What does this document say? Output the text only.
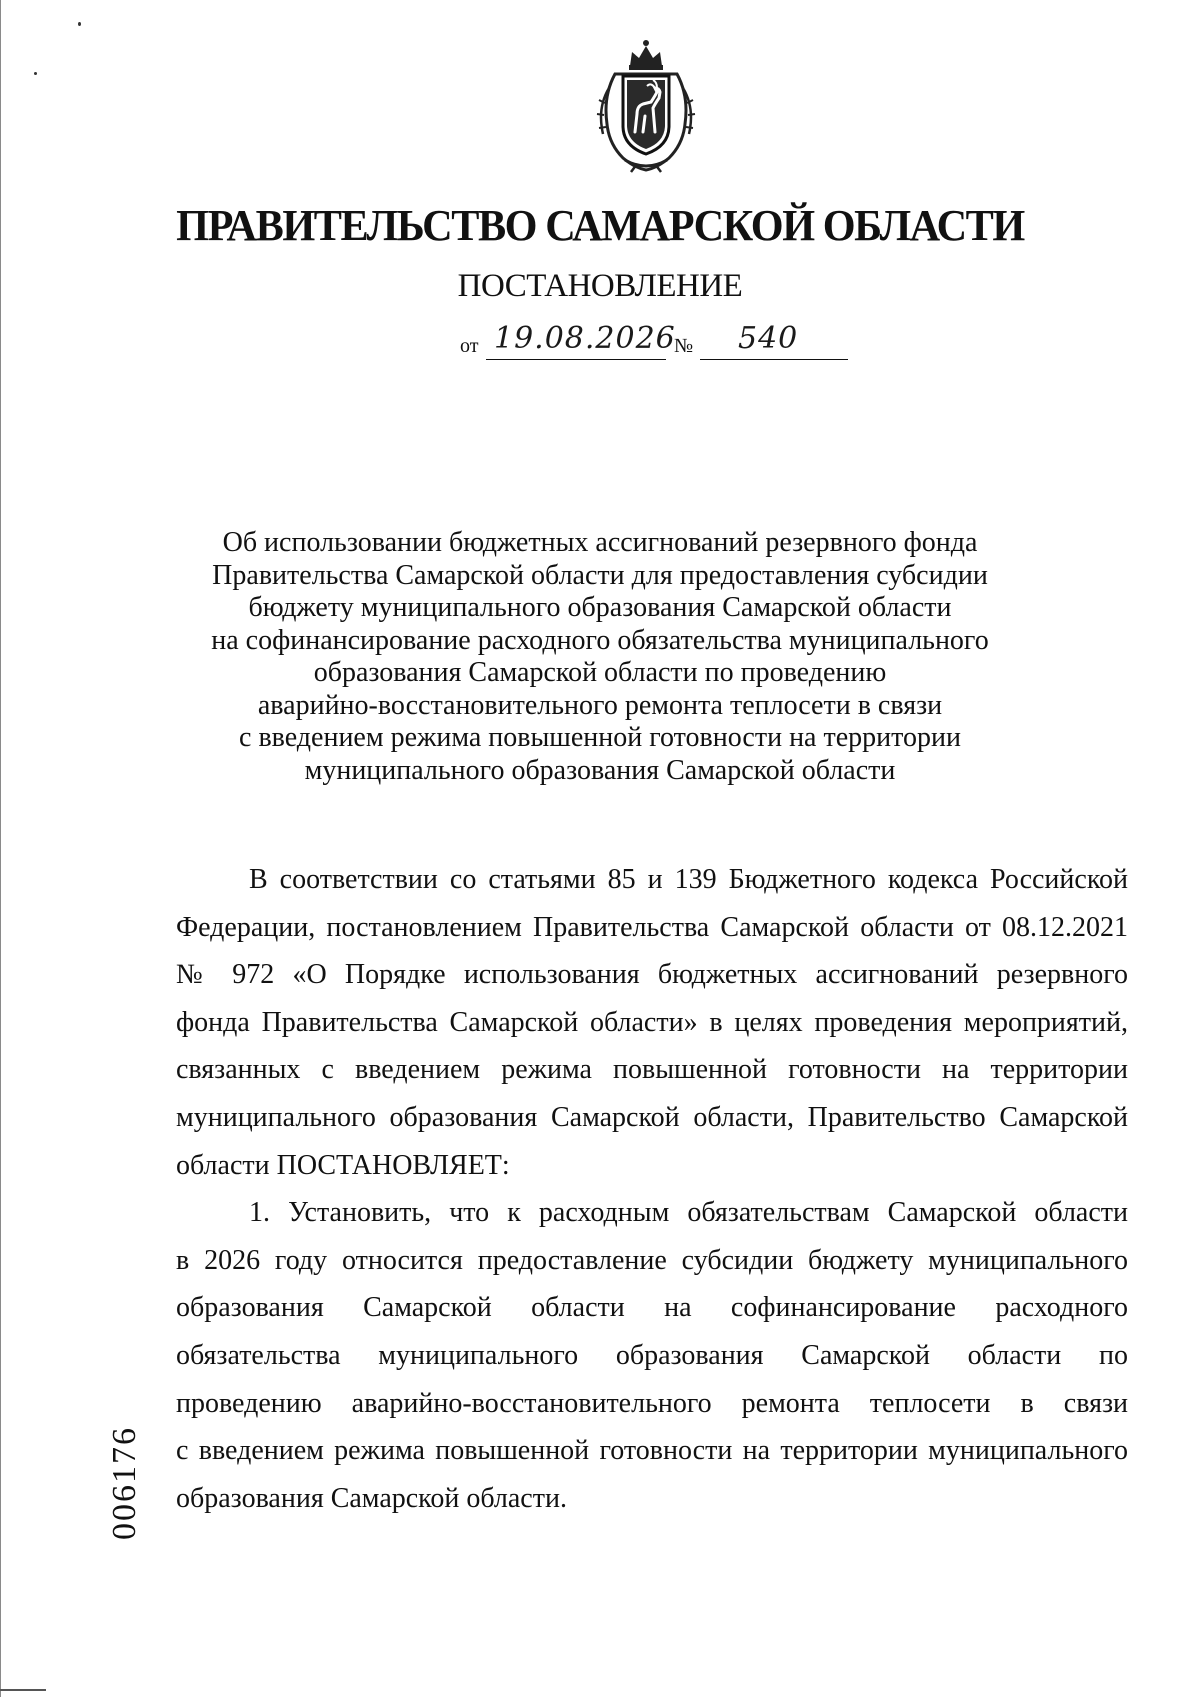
ПРАВИТЕЛЬСТВО САМАРСКОЙ ОБЛАСТИ
ПОСТАНОВЛЕНИЕ
от 19.08.2026
№ 540
Об использовании бюджетных ассигнований резервного фонда
Правительства Самарской области для предоставления субсидии
бюджету муниципального образования Самарской области
на софинансирование расходного обязательства муниципального
образования Самарской области по проведению
аварийно-восстановительного ремонта теплосети в связи
с введением режима повышенной готовности на территории
муниципального образования Самарской области

В соответствии со статьями 85 и 139 Бюджетного кодекса Российской
Федерации, постановлением Правительства Самарской области от 08.12.2021
№ 972 «О Порядке использования бюджетных ассигнований резервного
фонда Правительства Самарской области» в целях проведения мероприятий,
связанных с введением режима повышенной готовности на территории
муниципального образования Самарской области, Правительство Самарской
области ПОСТАНОВЛЯЕТ:

1. Установить, что к расходным обязательствам Самарской области
в 2026 году относится предоставление субсидии бюджету муниципального
образования Самарской области на софинансирование расходного
обязательства муниципального образования Самарской области по
проведению аварийно-восстановительного ремонта теплосети в связи
с введением режима повышенной готовности на территории муниципального
образования Самарской области.

006176
